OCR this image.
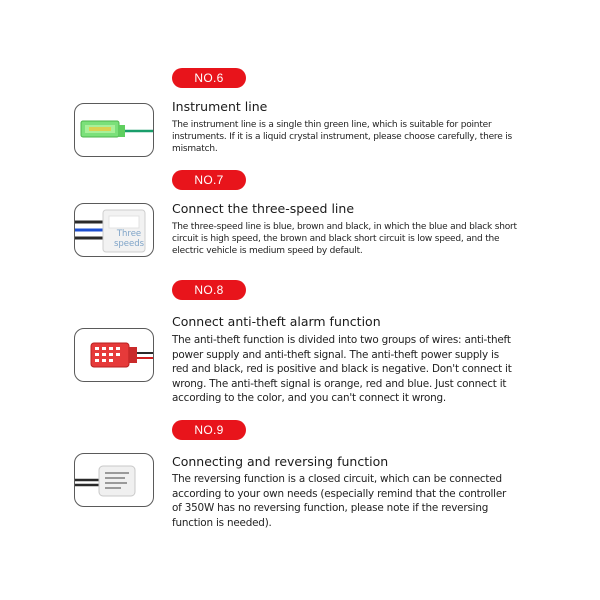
NO.6
Instrument line

The instrument line is a single thin green line, which is suitable for pointer instruments. If it is a liquid crystal instrument, please choose carefully, there is mismatch.

NO.7
Three
speeds
Connect the three-speed line

The three-speed line is blue, brown and black, in which the blue and black short circuit is high speed, the brown and black short circuit is low speed, and the electric vehicle is medium speed by default.

NO.8
Connect anti-theft alarm function

The anti-theft function is divided into two groups of wires: anti-theft power supply and anti-theft signal. The anti-theft power supply is red and black, red is positive and black is negative. Don't connect it wrong. The anti-theft signal is orange, red and blue. Just connect it according to the color, and you can't connect it wrong.

NO.9
Connecting and reversing function

The reversing function is a closed circuit, which can be connected according to your own needs (especially remind that the controller of 350W has no reversing function, please note if the reversing function is needed).
